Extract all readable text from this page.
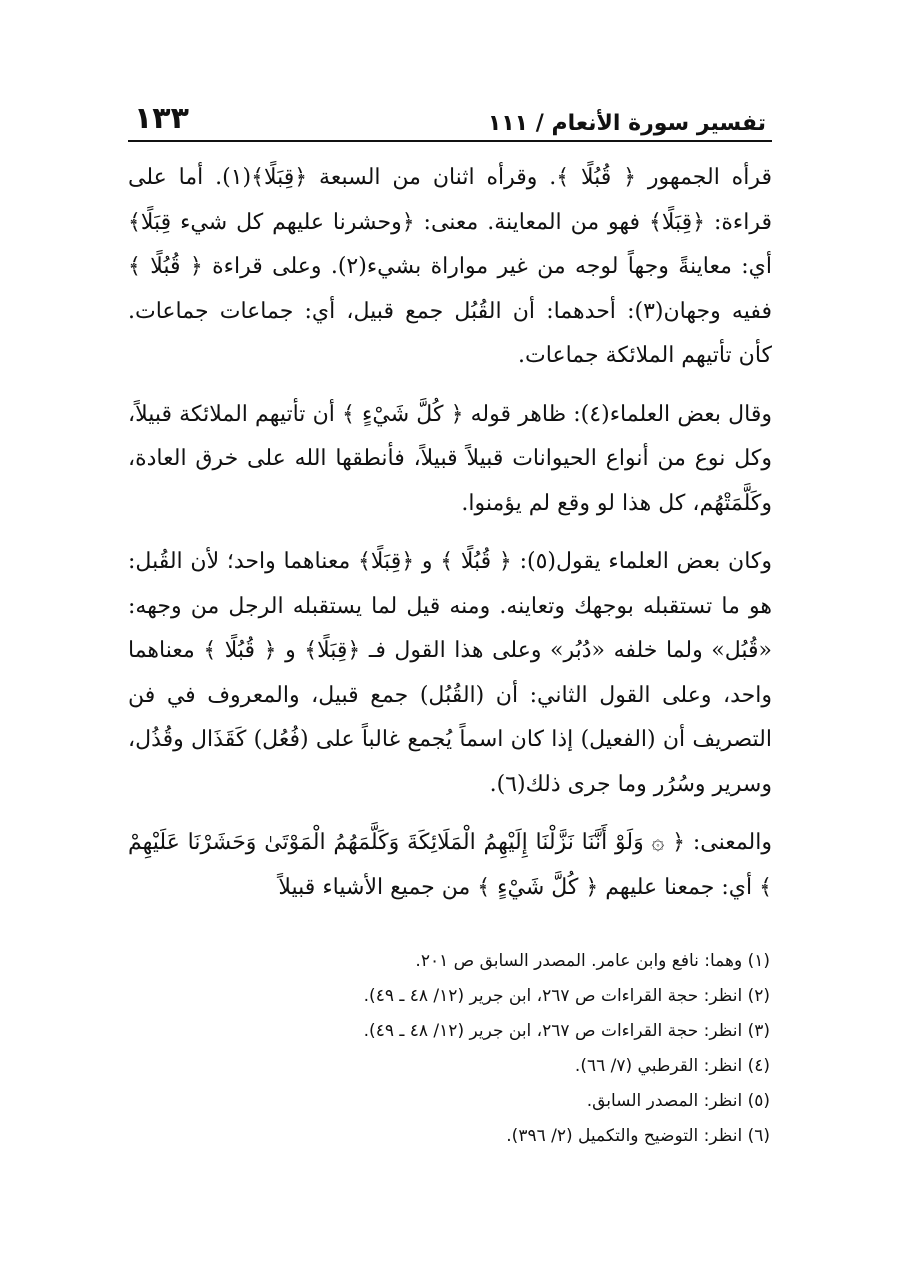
تفسير سورة الأنعام / ١١١
١٣٣

قرأه الجمهور ﴿ قُبُلًا ﴾. وقرأه اثنان من السبعة ﴿قِبَلًا﴾(١). أما على قراءة: ﴿قِبَلًا﴾ فهو من المعاينة. معنى: ﴿وحشرنا عليهم كل شيء قِبَلًا﴾ أي: معاينةً وجهاً لوجه من غير مواراة بشيء(٢). وعلى قراءة ﴿ قُبُلًا ﴾ ففيه وجهان(٣): أحدهما: أن القُبُل جمع قبيل، أي: جماعات جماعات. كأن تأتيهم الملائكة جماعات.

وقال بعض العلماء(٤): ظاهر قوله ﴿ كُلَّ شَيْءٍ ﴾ أن تأتيهم الملائكة قبيلاً، وكل نوع من أنواع الحيوانات قبيلاً قبيلاً، فأنطقها الله على خرق العادة، وكَلَّمَتْهُم، كل هذا لو وقع لم يؤمنوا.

وكان بعض العلماء يقول(٥): ﴿ قُبُلًا ﴾ و ﴿قِبَلًا﴾ معناهما واحد؛ لأن القُبل: هو ما تستقبله بوجهك وتعاينه. ومنه قيل لما يستقبله الرجل من وجهه: «قُبُل» ولما خلفه «دُبُر» وعلى هذا القول فـ ﴿قِبَلًا﴾ و ﴿ قُبُلًا ﴾ معناهما واحد، وعلى القول الثاني: أن (القُبُل) جمع قبيل، والمعروف في فن التصريف أن (الفعيل) إذا كان اسماً يُجمع غالباً على (فُعُل) كَقَذَال وقُذُل، وسرير وسُرُر وما جرى ذلك(٦).

والمعنى: ﴿ ۞ وَلَوْ أَنَّنَا نَزَّلْنَا إِلَيْهِمُ الْمَلَائِكَةَ وَكَلَّمَهُمُ الْمَوْتَىٰ وَحَشَرْنَا عَلَيْهِمْ ﴾ أي: جمعنا عليهم ﴿ كُلَّ شَيْءٍ ﴾ من جميع الأشياء قبيلاً

(١) وهما: نافع وابن عامر. المصدر السابق ص ٢٠١.

(٢) انظر: حجة القراءات ص ٢٦٧، ابن جرير (١٢/ ٤٨ ـ ٤٩).

(٣) انظر: حجة القراءات ص ٢٦٧، ابن جرير (١٢/ ٤٨ ـ ٤٩).

(٤) انظر: القرطبي (٧/ ٦٦).

(٥) انظر: المصدر السابق.

(٦) انظر: التوضيح والتكميل (٢/ ٣٩٦).
